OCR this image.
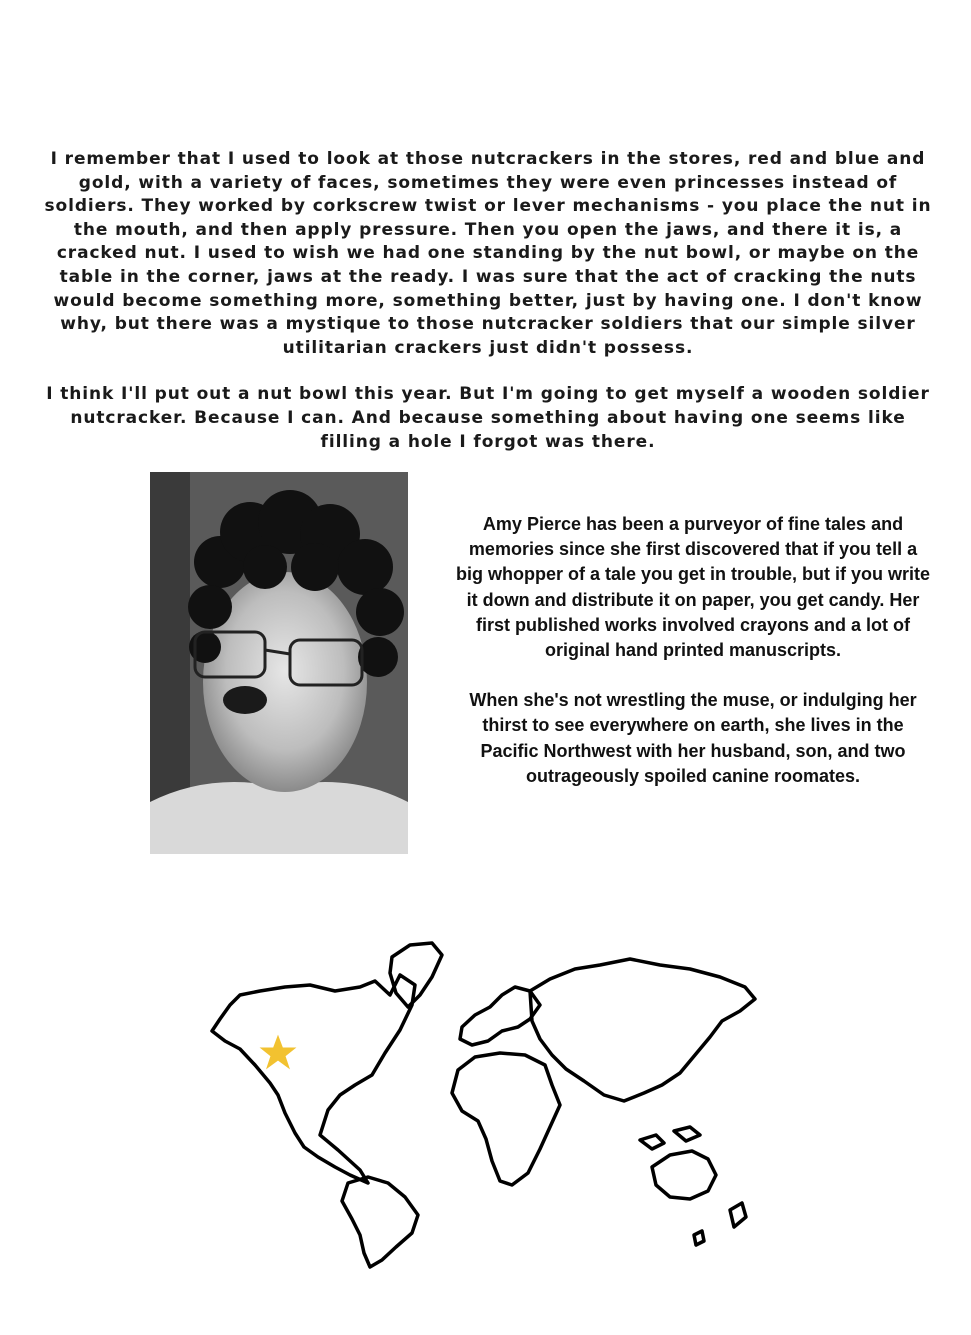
I remember that I used to look at those nutcrackers in the stores, red and blue and gold, with a variety of faces, sometimes they were even princesses instead of soldiers. They worked by corkscrew twist or lever mechanisms - you place the nut in the mouth, and then apply pressure. Then you open the jaws, and there it is, a cracked nut. I used to wish we had one standing by the nut bowl, or maybe on the table in the corner, jaws at the ready. I was sure that the act of cracking the nuts would become something more, something better, just by having one. I don't know why, but there was a mystique to those nutcracker soldiers that our simple silver utilitarian crackers just didn't possess.

I think I'll put out a nut bowl this year. But I'm going to get myself a wooden soldier nutcracker. Because I can. And because something about having one seems like filling a hole I forgot was there.

Amy Pierce has been a purveyor of fine tales and memories since she first discovered that if you tell a big whopper of a tale you get in trouble, but if you write it down and distribute it on paper, you get candy. Her first published works involved crayons and a lot of original hand printed manuscripts.

When she's not wrestling the muse, or indulging her thirst to see everywhere on earth, she lives in the Pacific Northwest with her husband, son, and two outrageously spoiled canine roomates.
